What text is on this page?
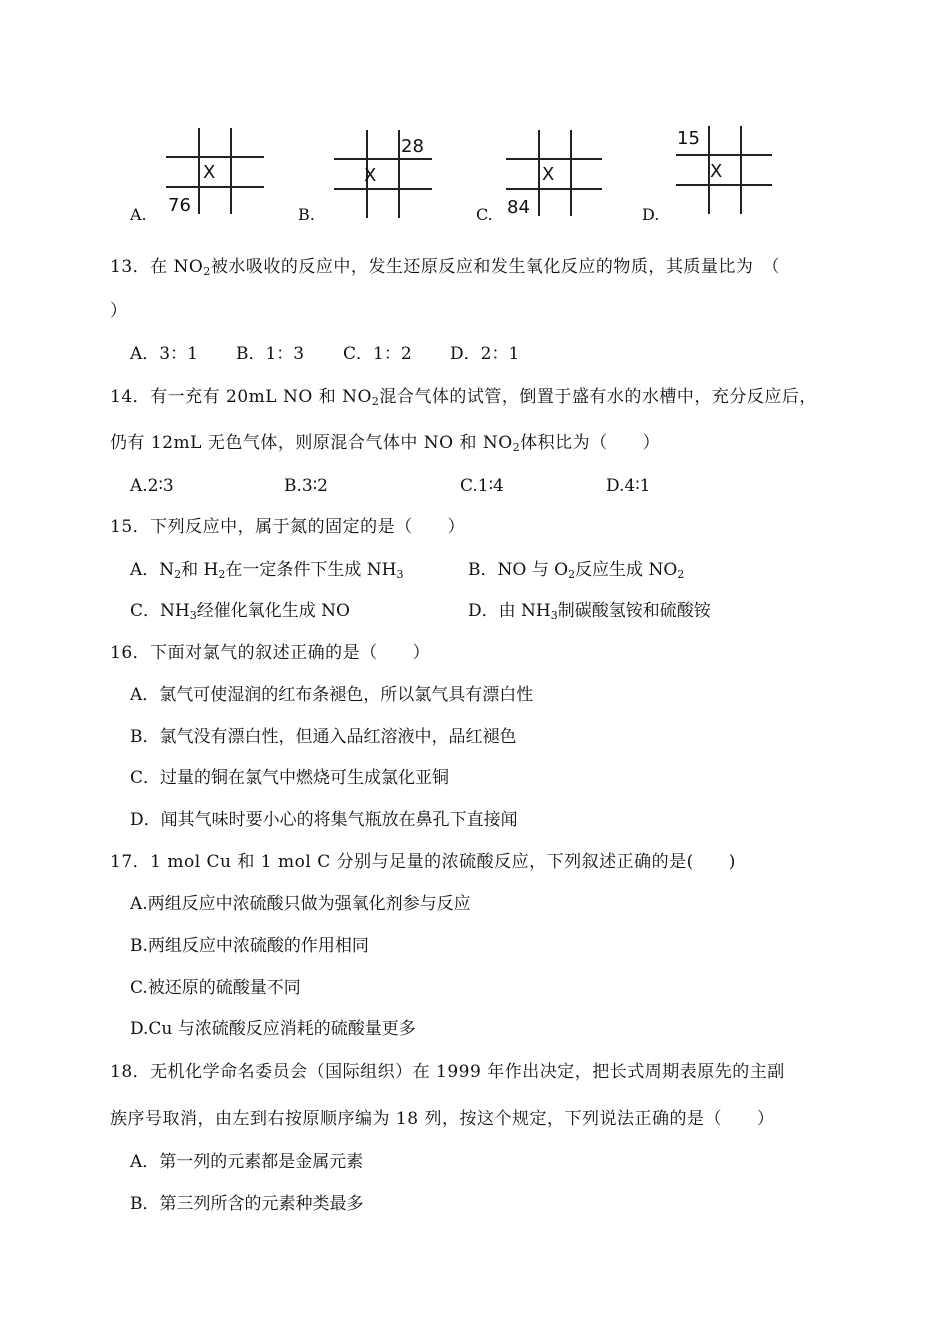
A.
X
76	B.
X
28
C.
X
84	D.
X
15
13．在 $NO_2$被水吸收的反应中，发生还原反应和发生氧化反应的物质，其质量比为　（
）
A．3：1 B．1：3 C．1：2 D．2：1
14．有一充有 20mL NO 和 $NO_2$混合气体的试管，倒置于盛有水的水槽中，充分反应后，
仍有 12mL 无色气体，则原混合气体中 NO 和 $NO_2$体积比为（　　）
A.2∶3	B.3∶2	C.1∶4	D.4∶1
15．下列反应中，属于氮的固定的是（　　）
A．$N_2$和 $H_2$在一定条件下生成 $NH_3$	B．NO 与 $O_2$反应生成 $NO_2$
C．$NH_3$经催化氧化生成 NO	D．由 $NH_3$制碳酸氢铵和硫酸铵
16．下面对氯气的叙述正确的是（　　）
A．氯气可使湿润的红布条褪色，所以氯气具有漂白性
B．氯气没有漂白性，但通入品红溶液中，品红褪色
C．过量的铜在氯气中燃烧可生成氯化亚铜
D．闻其气味时要小心的将集气瓶放在鼻孔下直接闻
17．1 mol Cu 和 1 mol C 分别与足量的浓硫酸反应，下列叙述正确的是(　　)
A.两组反应中浓硫酸只做为强氧化剂参与反应
B.两组反应中浓硫酸的作用相同
C.被还原的硫酸量不同
D.Cu 与浓硫酸反应消耗的硫酸量更多
18．无机化学命名委员会（国际组织）在 1999 年作出决定，把长式周期表原先的主副
族序号取消，由左到右按原顺序编为 18 列，按这个规定，下列说法正确的是（　　）
A．第一列的元素都是金属元素
B．第三列所含的元素种类最多
